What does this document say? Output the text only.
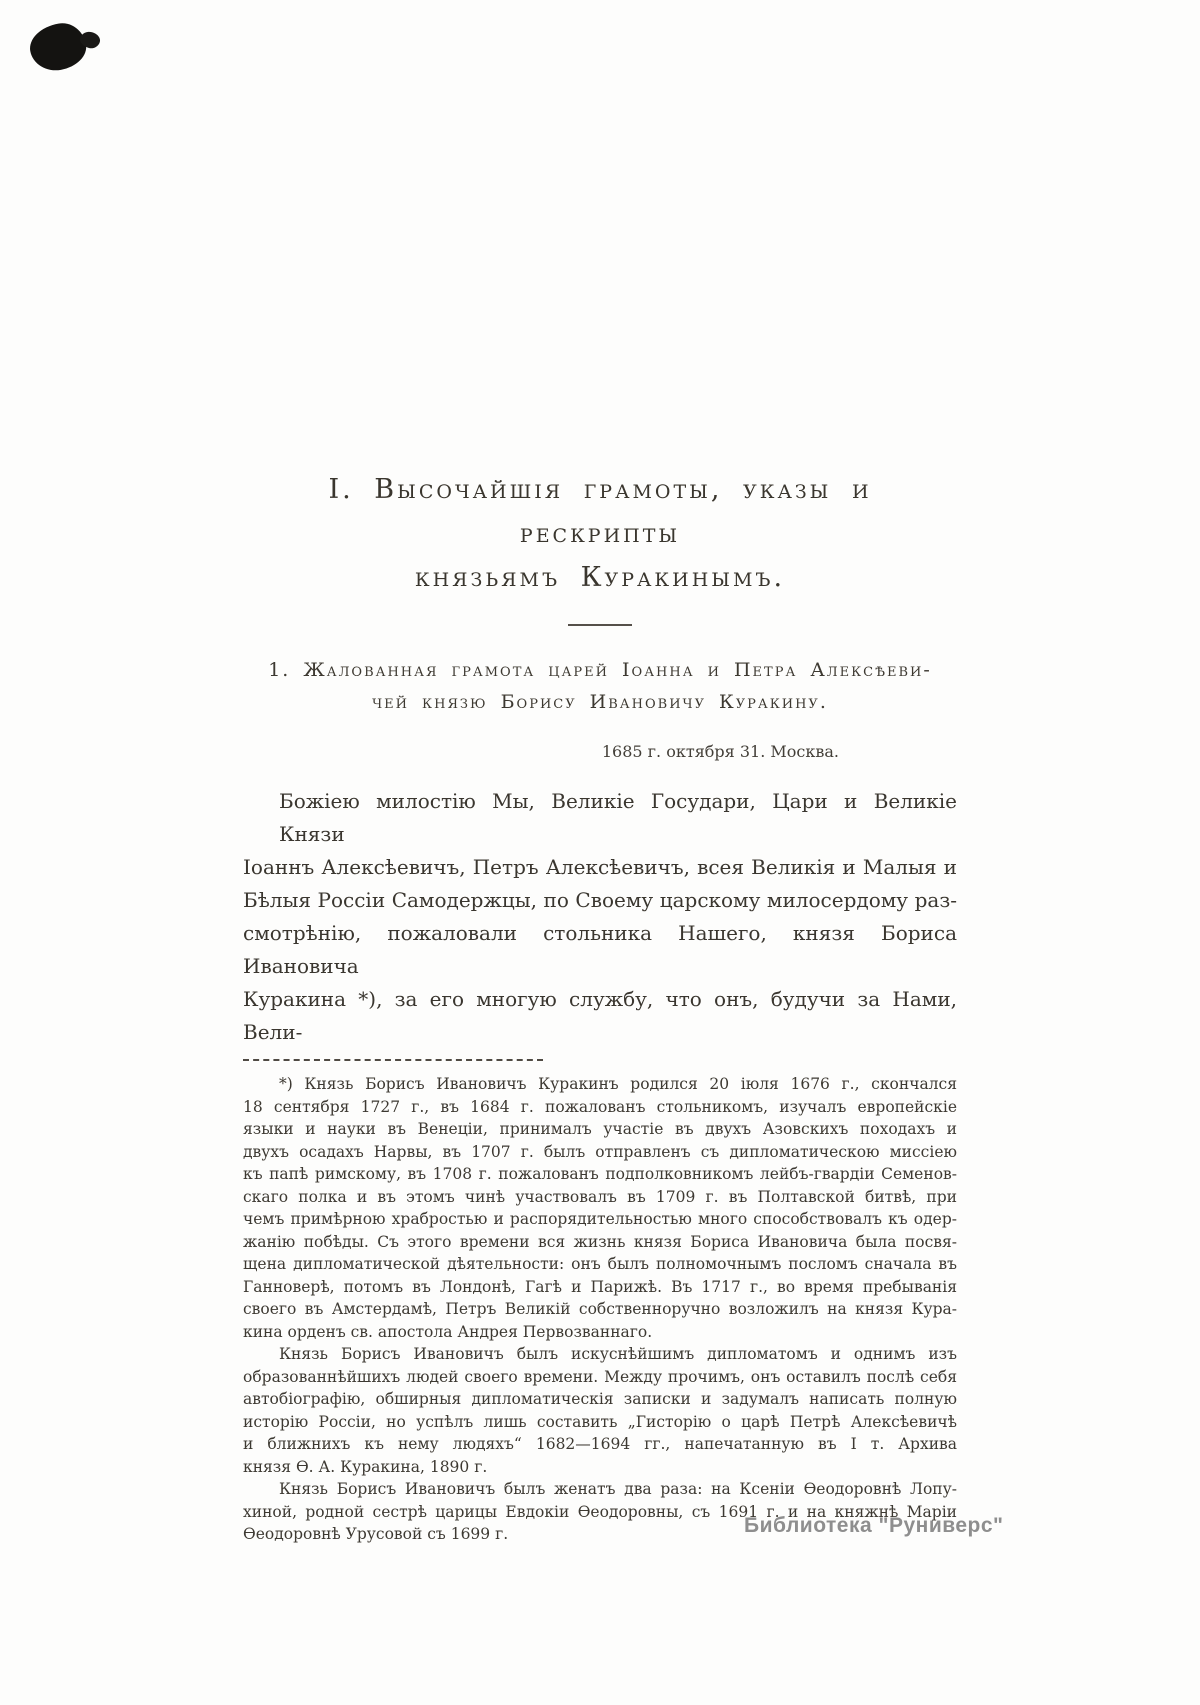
I. Высочайшія грамоты, указы и рескрипты
князьямъ Куракинымъ.
1. Жалованная грамота царей Іоанна и Петра Алексѣеви-
чей князю Борису Ивановичу Куракину.
1685 г. октября 31. Москва.
Божіею милостію Мы, Великіе Государи, Цари и Великіе Князи
Іоаннъ Алексѣевичъ, Петръ Алексѣевичъ, всея Великія и Малыя и
Бѣлыя Россіи Самодержцы, по Своему царскому милосердому раз-
смотрѣнію, пожаловали стольника Нашего, князя Бориса Ивановича
Куракина *), за его многую службу, что онъ, будучи за Нами, Вели-
*) Князь Борисъ Ивановичъ Куракинъ родился 20 іюля 1676 г., скончался
18 сентября 1727 г., въ 1684 г. пожалованъ стольникомъ, изучалъ европейскіе
языки и науки въ Венеціи, принималъ участіе въ двухъ Азовскихъ походахъ и
двухъ осадахъ Нарвы, въ 1707 г. былъ отправленъ съ дипломатическою миссіею
къ папѣ римскому, въ 1708 г. пожалованъ подполковникомъ лейбъ-гвардіи Семенов-
скаго полка и въ этомъ чинѣ участвовалъ въ 1709 г. въ Полтавской битвѣ, при
чемъ примѣрною храбростью и распорядительностью много способствовалъ къ одер-
жанію побѣды. Съ этого времени вся жизнь князя Бориса Ивановича была посвя-
щена дипломатической дѣятельности: онъ былъ полномочнымъ посломъ сначала въ
Ганноверѣ, потомъ въ Лондонѣ, Гагѣ и Парижѣ. Въ 1717 г., во время пребыванія
своего въ Амстердамѣ, Петръ Великій собственноручно возложилъ на князя Кура-
кина орденъ св. апостола Андрея Первозваннаго.
Князь Борисъ Ивановичъ былъ искуснѣйшимъ дипломатомъ и однимъ изъ
образованнѣйшихъ людей своего времени. Между прочимъ, онъ оставилъ послѣ себя
автобіографію, обширныя дипломатическія записки и задумалъ написать полную
исторію Россіи, но успѣлъ лишь составить „Гисторію о царѣ Петрѣ Алексѣевичѣ
и ближнихъ къ нему людяхъ“ 1682—1694 гг., напечатанную въ I т. Архива
князя Ѳ. А. Куракина, 1890 г.
Князь Борисъ Ивановичъ былъ женатъ два раза: на Ксеніи Ѳеодоровнѣ Лопу-
хиной, родной сестрѣ царицы Евдокіи Ѳеодоровны, съ 1691 г. и на княжнѣ Маріи
Ѳеодоровнѣ Урусовой съ 1699 г.	Библиотека "Руниверс"
